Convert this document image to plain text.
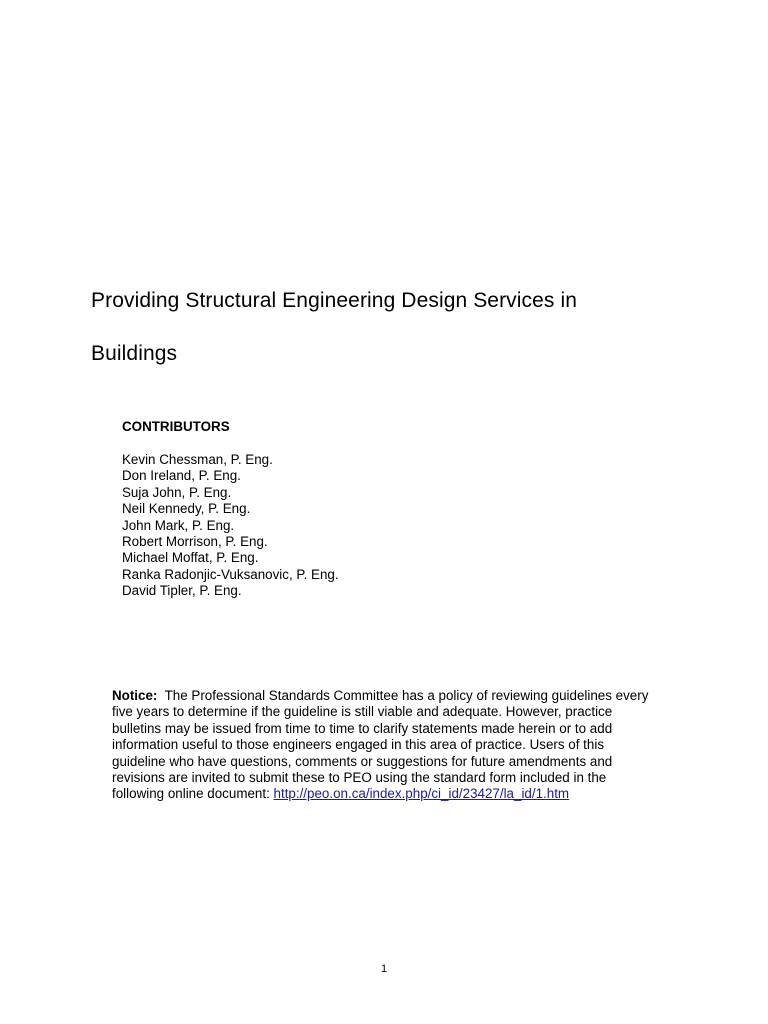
Providing Structural Engineering Design Services in
Buildings
CONTRIBUTORS
Kevin Chessman, P. Eng.
Don Ireland, P. Eng.
Suja John, P. Eng.
Neil Kennedy, P. Eng.
John Mark, P. Eng.
Robert Morrison, P. Eng.
Michael Moffat, P. Eng.
Ranka Radonjic-Vuksanovic, P. Eng.
David Tipler, P. Eng.

Notice: The Professional Standards Committee has a policy of reviewing guidelines every
five years to determine if the guideline is still viable and adequate. However, practice
bulletins may be issued from time to time to clarify statements made herein or to add
information useful to those engineers engaged in this area of practice. Users of this
guideline who have questions, comments or suggestions for future amendments and
revisions are invited to submit these to PEO using the standard form included in the
following online document: http://peo.on.ca/index.php/ci_id/23427/la_id/1.htm

1
